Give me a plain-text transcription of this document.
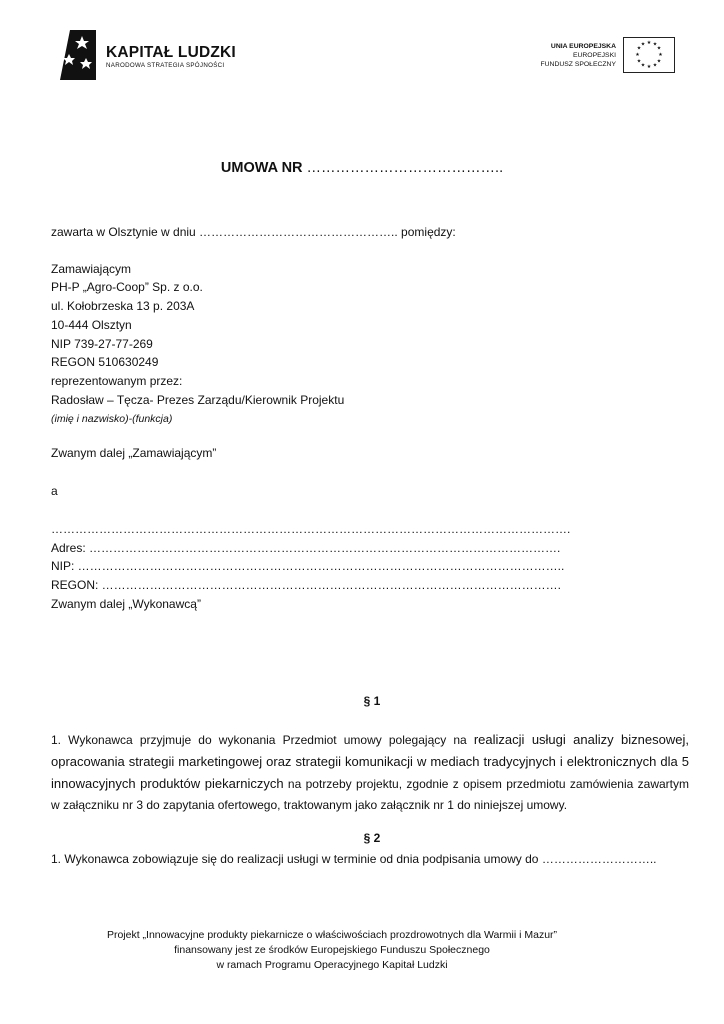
KAPITAŁ LUDZKI
NARODOWA STRATEGIA SPÓJNOŚCI
UNIA EUROPEJSKA
EUROPEJSKI
FUNDUSZ SPOŁECZNY
★ ★
★
★
★
★
★
★
★
★
★
★
UMOWA NR …………………………………..
zawarta w Olsztynie w dniu ………………………………………….. pomiędzy:
Zamawiającym
PH-P „Agro-Coop” Sp. z o.o.
ul. Kołobrzeska 13 p. 203A
10-444 Olsztyn
NIP 739-27-77-269
REGON 510630249
reprezentowanym przez:
Radosław – Tęcza- Prezes Zarządu/Kierownik Projektu
(imię i nazwisko)-(funkcja)
Zwanym dalej „Zamawiającym”
a
………………………………………………………………………………………………………………….
Adres: ……………………………………………………………………………………………………….
NIP: …………………………………………………………………………………………………………..
REGON: …………………………………………………………………………………………………….
Zwanym dalej „Wykonawcą”
§ 1
1. Wykonawca przyjmuje do wykonania Przedmiot umowy polegający na realizacji usługi analizy biznesowej, opracowania strategii marketingowej oraz strategii komunikacji w mediach tradycyjnych i elektronicznych dla 5 innowacyjnych produktów piekarniczych na potrzeby projektu, zgodnie z opisem przedmiotu zamówienia zawartym w załączniku nr 3 do zapytania ofertowego, traktowanym jako załącznik nr 1 do niniejszej umowy.
§ 2
1. Wykonawca zobowiązuje się do realizacji usługi w terminie od dnia podpisania umowy do ………………………..
Projekt „Innowacyjne produkty piekarnicze o właściwościach prozdrowotnych dla Warmii i Mazur”
finansowany jest ze środków Europejskiego Funduszu Społecznego
w ramach Programu Operacyjnego Kapitał Ludzki
